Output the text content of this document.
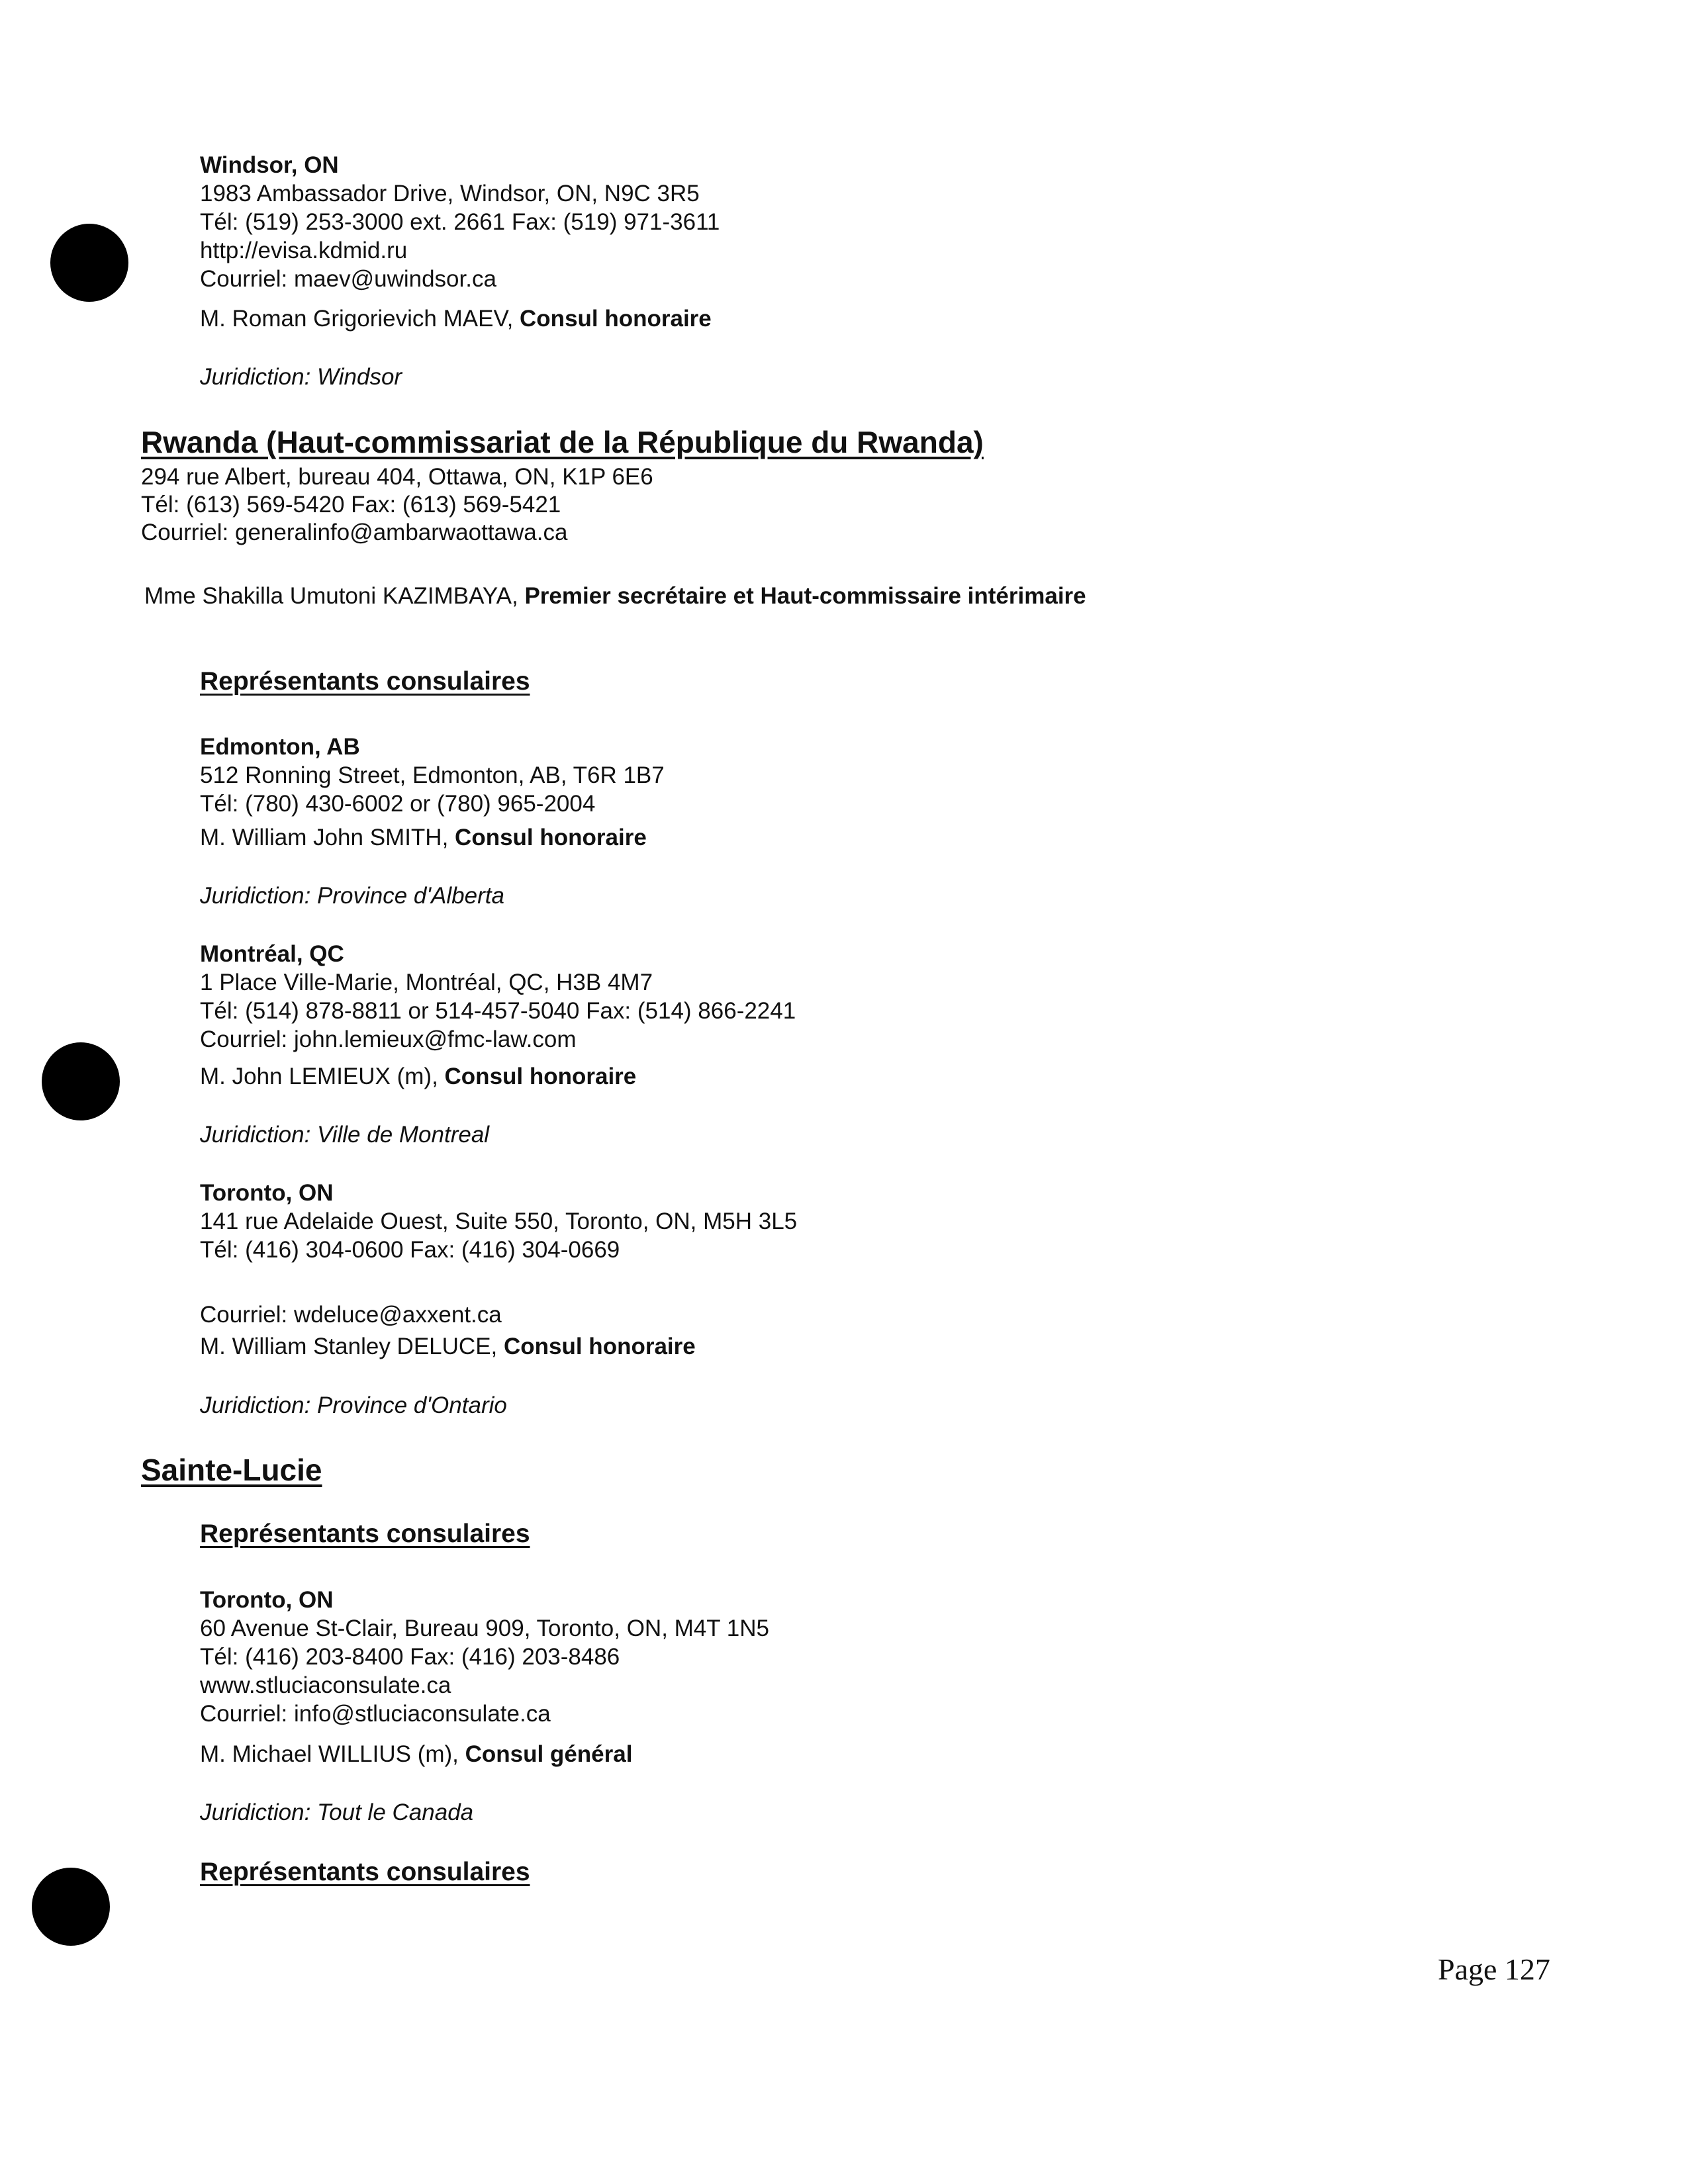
Windsor, ON
1983 Ambassador Drive, Windsor, ON, N9C 3R5
Tél: (519) 253-3000 ext. 2661 Fax: (519) 971-3611
http://evisa.kdmid.ru
Courriel: maev@uwindsor.ca
M. Roman Grigorievich MAEV, Consul honoraire
Juridiction: Windsor
Rwanda (Haut-commissariat de la République du Rwanda)
294 rue Albert, bureau 404, Ottawa, ON, K1P 6E6
Tél: (613) 569-5420 Fax: (613) 569-5421
Courriel: generalinfo@ambarwaottawa.ca
Mme Shakilla Umutoni KAZIMBAYA, Premier secrétaire et Haut-commissaire intérimaire
Représentants consulaires
Edmonton, AB
512 Ronning Street, Edmonton, AB, T6R 1B7
Tél: (780) 430-6002 or (780) 965-2004
M. William John SMITH, Consul honoraire
Juridiction: Province d'Alberta
Montréal, QC
1 Place Ville-Marie, Montréal, QC, H3B 4M7
Tél: (514) 878-8811 or 514-457-5040 Fax: (514) 866-2241
Courriel: john.lemieux@fmc-law.com
M. John LEMIEUX (m), Consul honoraire
Juridiction: Ville de Montreal
Toronto, ON
141 rue Adelaide Ouest, Suite 550, Toronto, ON, M5H 3L5
Tél: (416) 304-0600 Fax: (416) 304-0669
Courriel: wdeluce@axxent.ca
M. William Stanley DELUCE, Consul honoraire
Juridiction: Province d'Ontario
Sainte-Lucie
Représentants consulaires
Toronto, ON
60 Avenue St-Clair, Bureau 909, Toronto, ON, M4T 1N5
Tél: (416) 203-8400 Fax: (416) 203-8486
www.stluciaconsulate.ca
Courriel: info@stluciaconsulate.ca
M. Michael WILLIUS (m), Consul général
Juridiction: Tout le Canada
Représentants consulaires
Page 127
